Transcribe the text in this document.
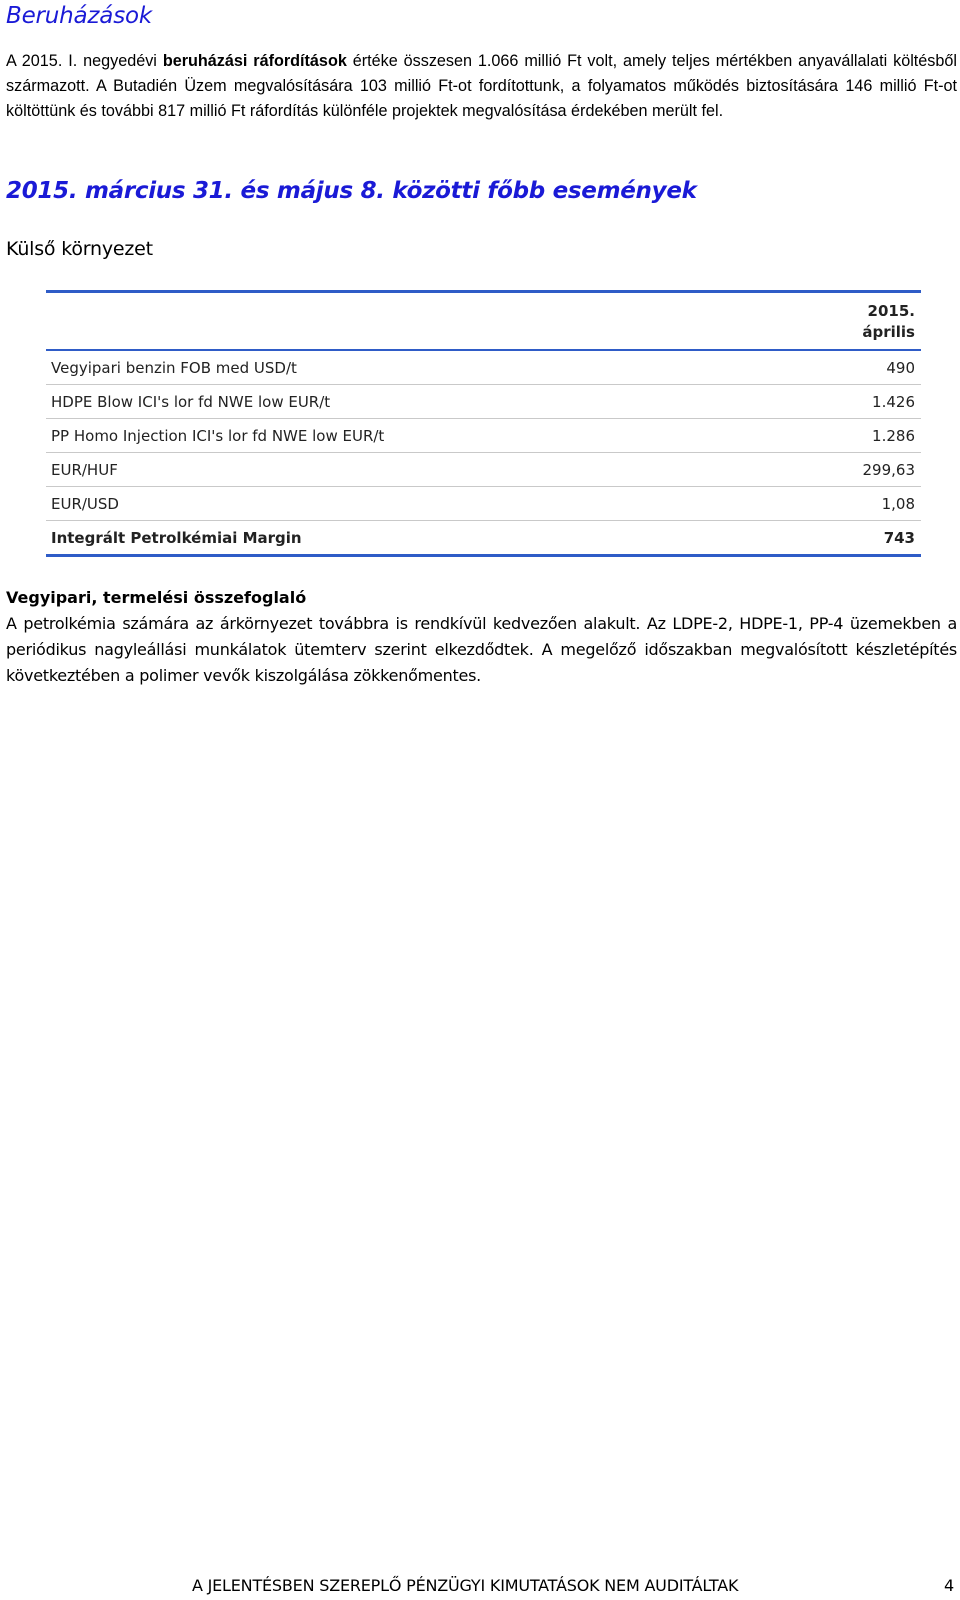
Beruházások
A 2015. I. negyedévi beruházási ráfordítások értéke összesen 1.066 millió Ft volt, amely teljes mértékben anyavállalati költésből származott. A Butadién Üzem megvalósítására 103 millió Ft-ot fordítottunk, a folyamatos működés biztosítására 146 millió Ft-ot költöttünk és további 817 millió Ft ráfordítás különféle projektek megvalósítása érdekében merült fel.
2015. március 31. és május 8. közötti főbb események
Külső környezet
2015.
április
Vegyipari benzin FOB med USD/t	490
HDPE Blow ICI's lor fd NWE low EUR/t	1.426
PP Homo Injection ICI's lor fd NWE low EUR/t	1.286
EUR/HUF	299,63
EUR/USD	1,08
Integrált Petrolkémiai Margin	743
Vegyipari, termelési összefoglaló
A petrolkémia számára az árkörnyezet továbbra is rendkívül kedvezően alakult. Az LDPE-2, HDPE-1, PP-4 üzemekben a periódikus nagyleállási munkálatok ütemterv szerint elkezdődtek. A megelőző időszakban megvalósított készletépítés következtében a polimer vevők kiszolgálása zökkenőmentes.
A JELENTÉSBEN SZEREPLŐ PÉNZÜGYI KIMUTATÁSOK NEM AUDITÁLTAK	4
